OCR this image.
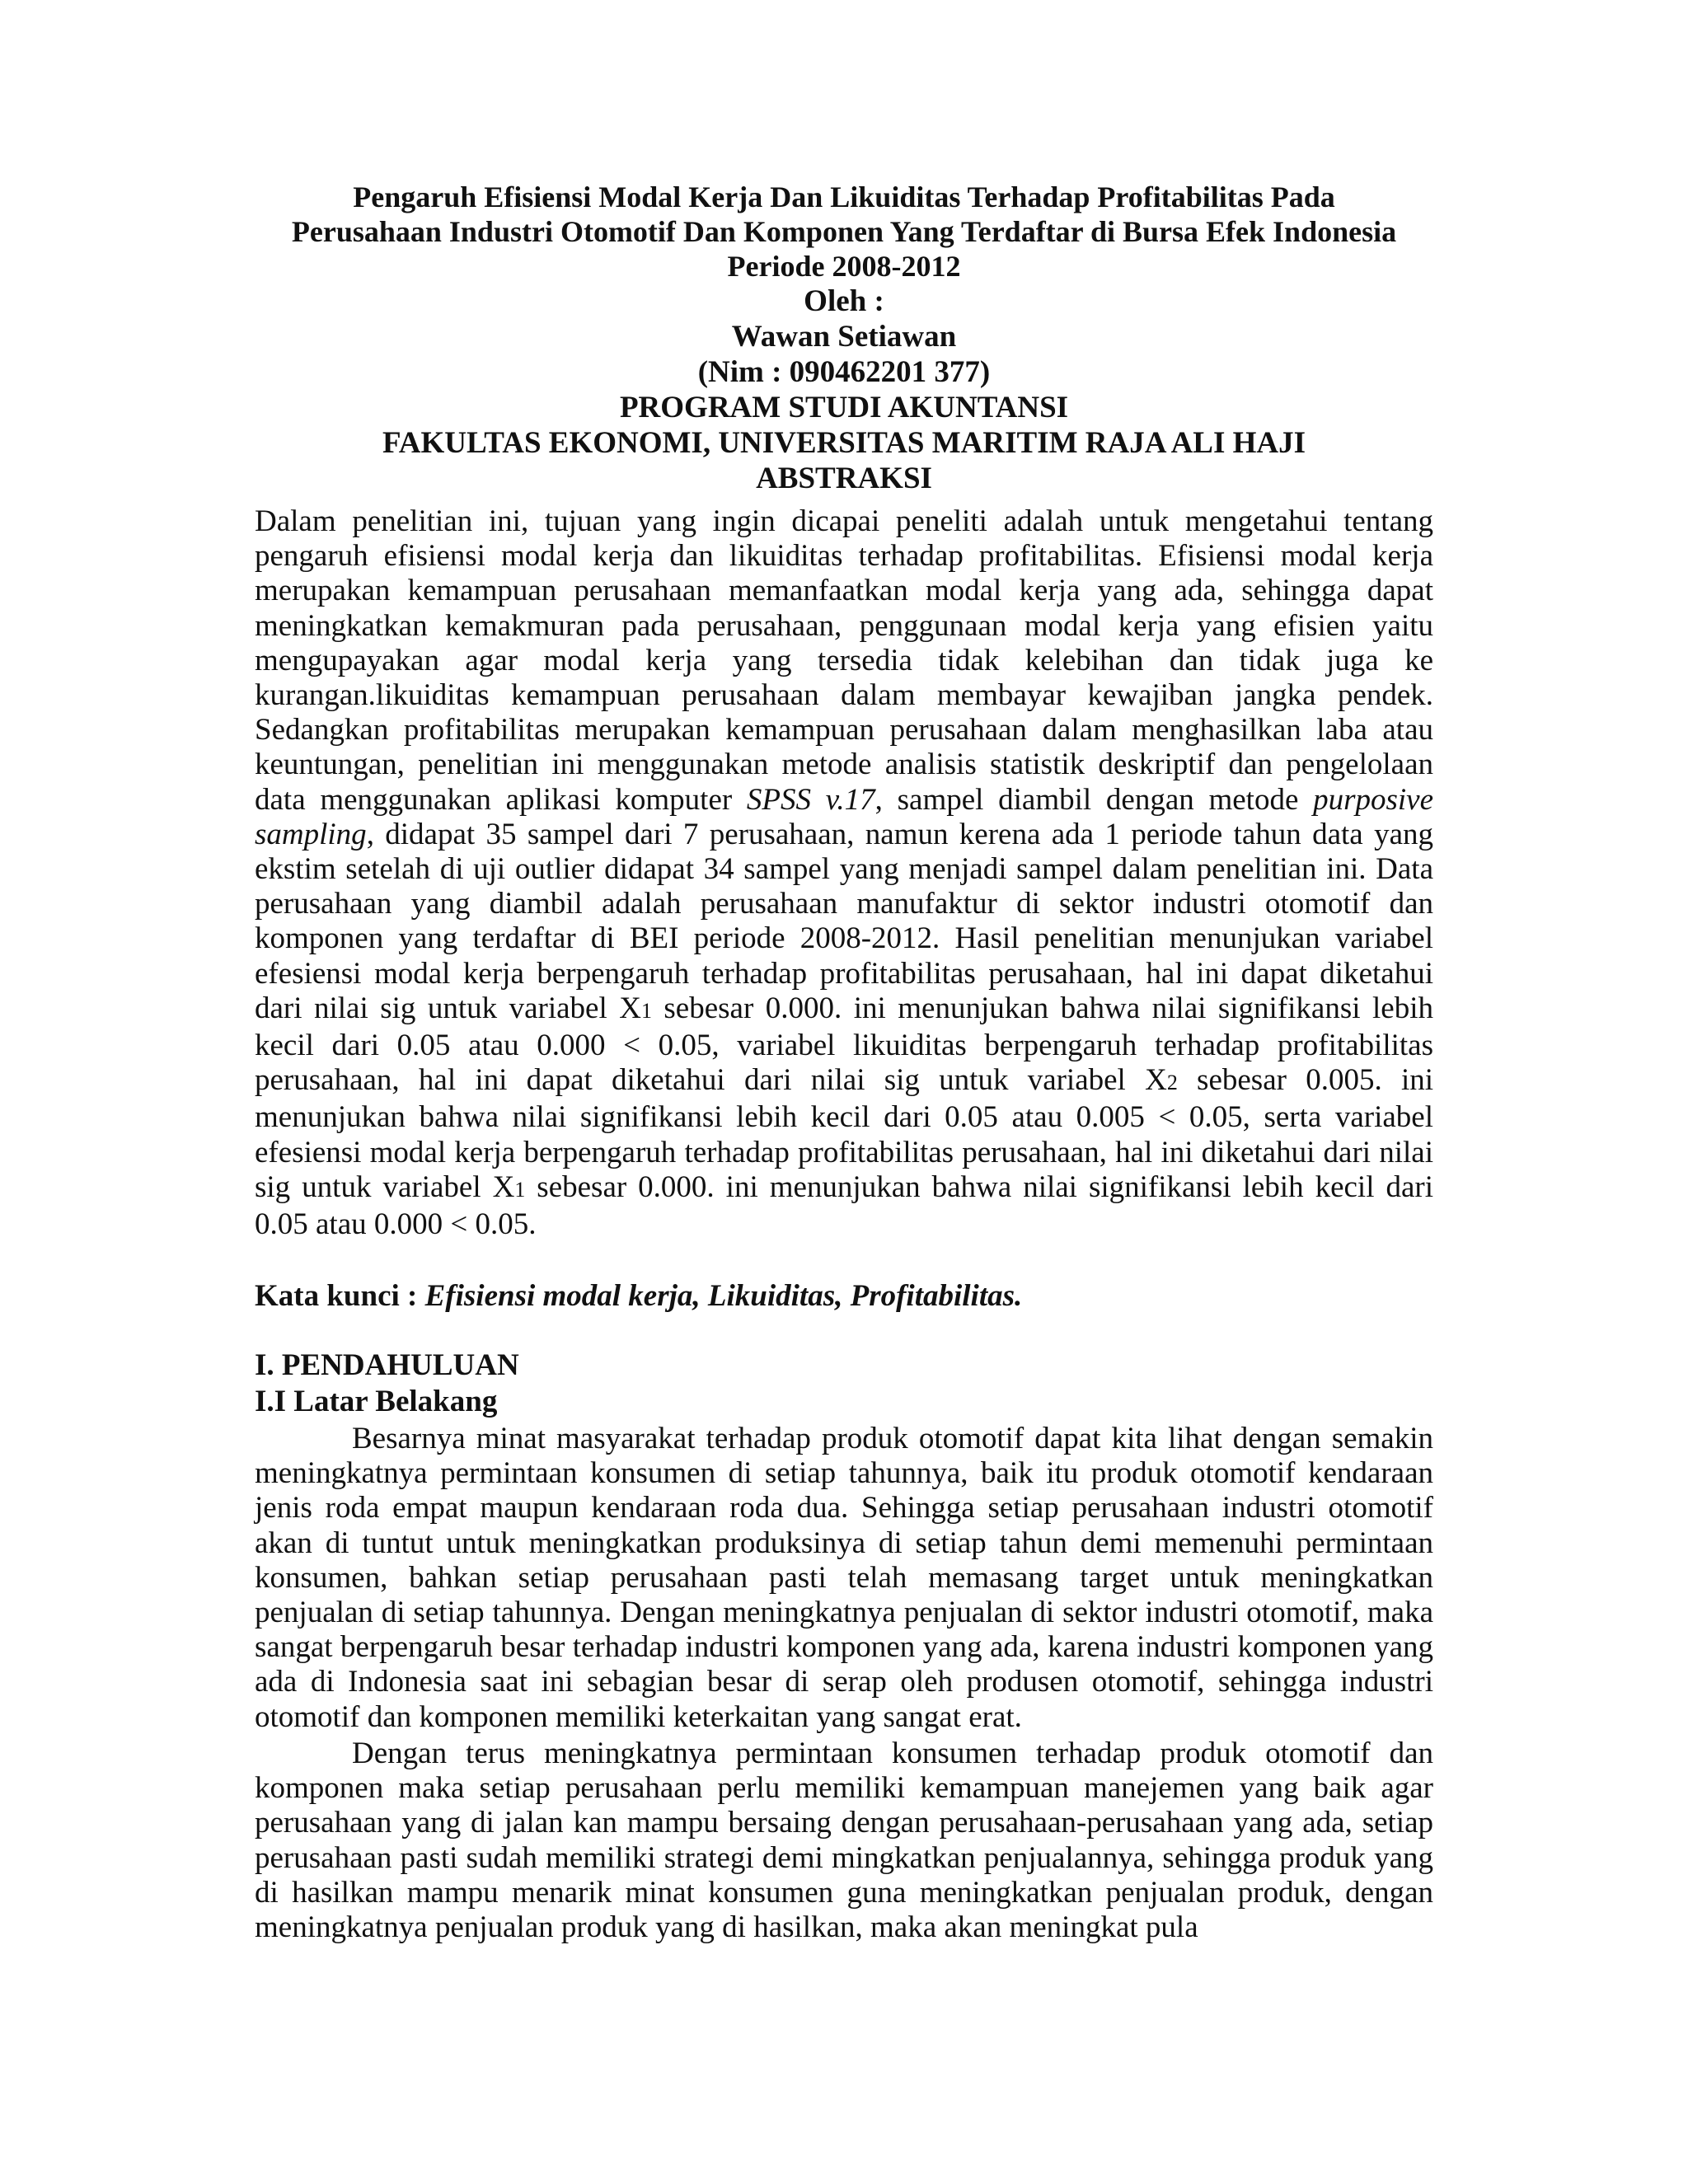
Pengaruh Efisiensi Modal Kerja Dan Likuiditas Terhadap Profitabilitas Pada
Perusahaan Industri Otomotif Dan Komponen Yang Terdaftar di Bursa Efek Indonesia
Periode 2008-2012
Oleh :
Wawan Setiawan
(Nim : 090462201 377)
PROGRAM STUDI AKUNTANSI
FAKULTAS EKONOMI, UNIVERSITAS MARITIM RAJA ALI HAJI
ABSTRAKSI

Dalam penelitian ini, tujuan yang ingin dicapai peneliti adalah untuk mengetahui tentang pengaruh efisiensi modal kerja dan likuiditas terhadap profitabilitas. Efisiensi modal kerja merupakan kemampuan perusahaan memanfaatkan modal kerja yang ada, sehingga dapat meningkatkan kemakmuran pada perusahaan, penggunaan modal kerja yang efisien yaitu mengupayakan agar modal kerja yang tersedia tidak kelebihan dan tidak juga ke kurangan.likuiditas kemampuan perusahaan dalam membayar kewajiban jangka pendek. Sedangkan profitabilitas merupakan kemampuan perusahaan dalam menghasilkan laba atau keuntungan, penelitian ini menggunakan metode analisis statistik deskriptif dan pengelolaan data menggunakan aplikasi komputer SPSS v.17, sampel diambil dengan metode purposive sampling, didapat 35 sampel dari 7 perusahaan, namun kerena ada 1 periode tahun data yang ekstim setelah di uji outlier didapat 34 sampel yang menjadi sampel dalam penelitian ini. Data perusahaan yang diambil adalah perusahaan manufaktur di sektor industri otomotif dan komponen yang terdaftar di BEI periode 2008-2012. Hasil penelitian menunjukan variabel efesiensi modal kerja berpengaruh terhadap profitabilitas perusahaan, hal ini dapat diketahui dari nilai sig untuk variabel X1 sebesar 0.000. ini menunjukan bahwa nilai signifikansi lebih kecil dari 0.05 atau 0.000 < 0.05, variabel likuiditas berpengaruh terhadap profitabilitas perusahaan, hal ini dapat diketahui dari nilai sig untuk variabel X2 sebesar 0.005. ini menunjukan bahwa nilai signifikansi lebih kecil dari 0.05 atau 0.005 < 0.05, serta variabel efesiensi modal kerja berpengaruh terhadap profitabilitas perusahaan, hal ini diketahui dari nilai sig untuk variabel X1 sebesar 0.000. ini menunjukan bahwa nilai signifikansi lebih kecil dari 0.05 atau 0.000 < 0.05.

Kata kunci : Efisiensi modal kerja, Likuiditas, Profitabilitas.
I. PENDAHULUAN
I.I Latar Belakang

Besarnya minat masyarakat terhadap produk otomotif dapat kita lihat dengan semakin meningkatnya permintaan konsumen di setiap tahunnya, baik itu produk otomotif kendaraan jenis roda empat maupun kendaraan roda dua. Sehingga setiap perusahaan industri otomotif akan di tuntut untuk meningkatkan produksinya di setiap tahun demi memenuhi permintaan konsumen, bahkan setiap perusahaan pasti telah memasang target untuk meningkatkan penjualan di setiap tahunnya. Dengan meningkatnya penjualan di sektor industri otomotif, maka sangat berpengaruh besar terhadap industri komponen yang ada, karena industri komponen yang ada di Indonesia saat ini sebagian besar di serap oleh produsen otomotif, sehingga industri otomotif dan komponen memiliki keterkaitan yang sangat erat.

Dengan terus meningkatnya permintaan konsumen terhadap produk otomotif dan komponen maka setiap perusahaan perlu memiliki kemampuan manejemen yang baik agar perusahaan yang di jalan kan mampu bersaing dengan perusahaan-perusahaan yang ada, setiap perusahaan pasti sudah memiliki strategi demi mingkatkan penjualannya, sehingga produk yang di hasilkan mampu menarik minat konsumen guna meningkatkan penjualan produk, dengan meningkatnya penjualan produk yang di hasilkan, maka akan meningkat pula
